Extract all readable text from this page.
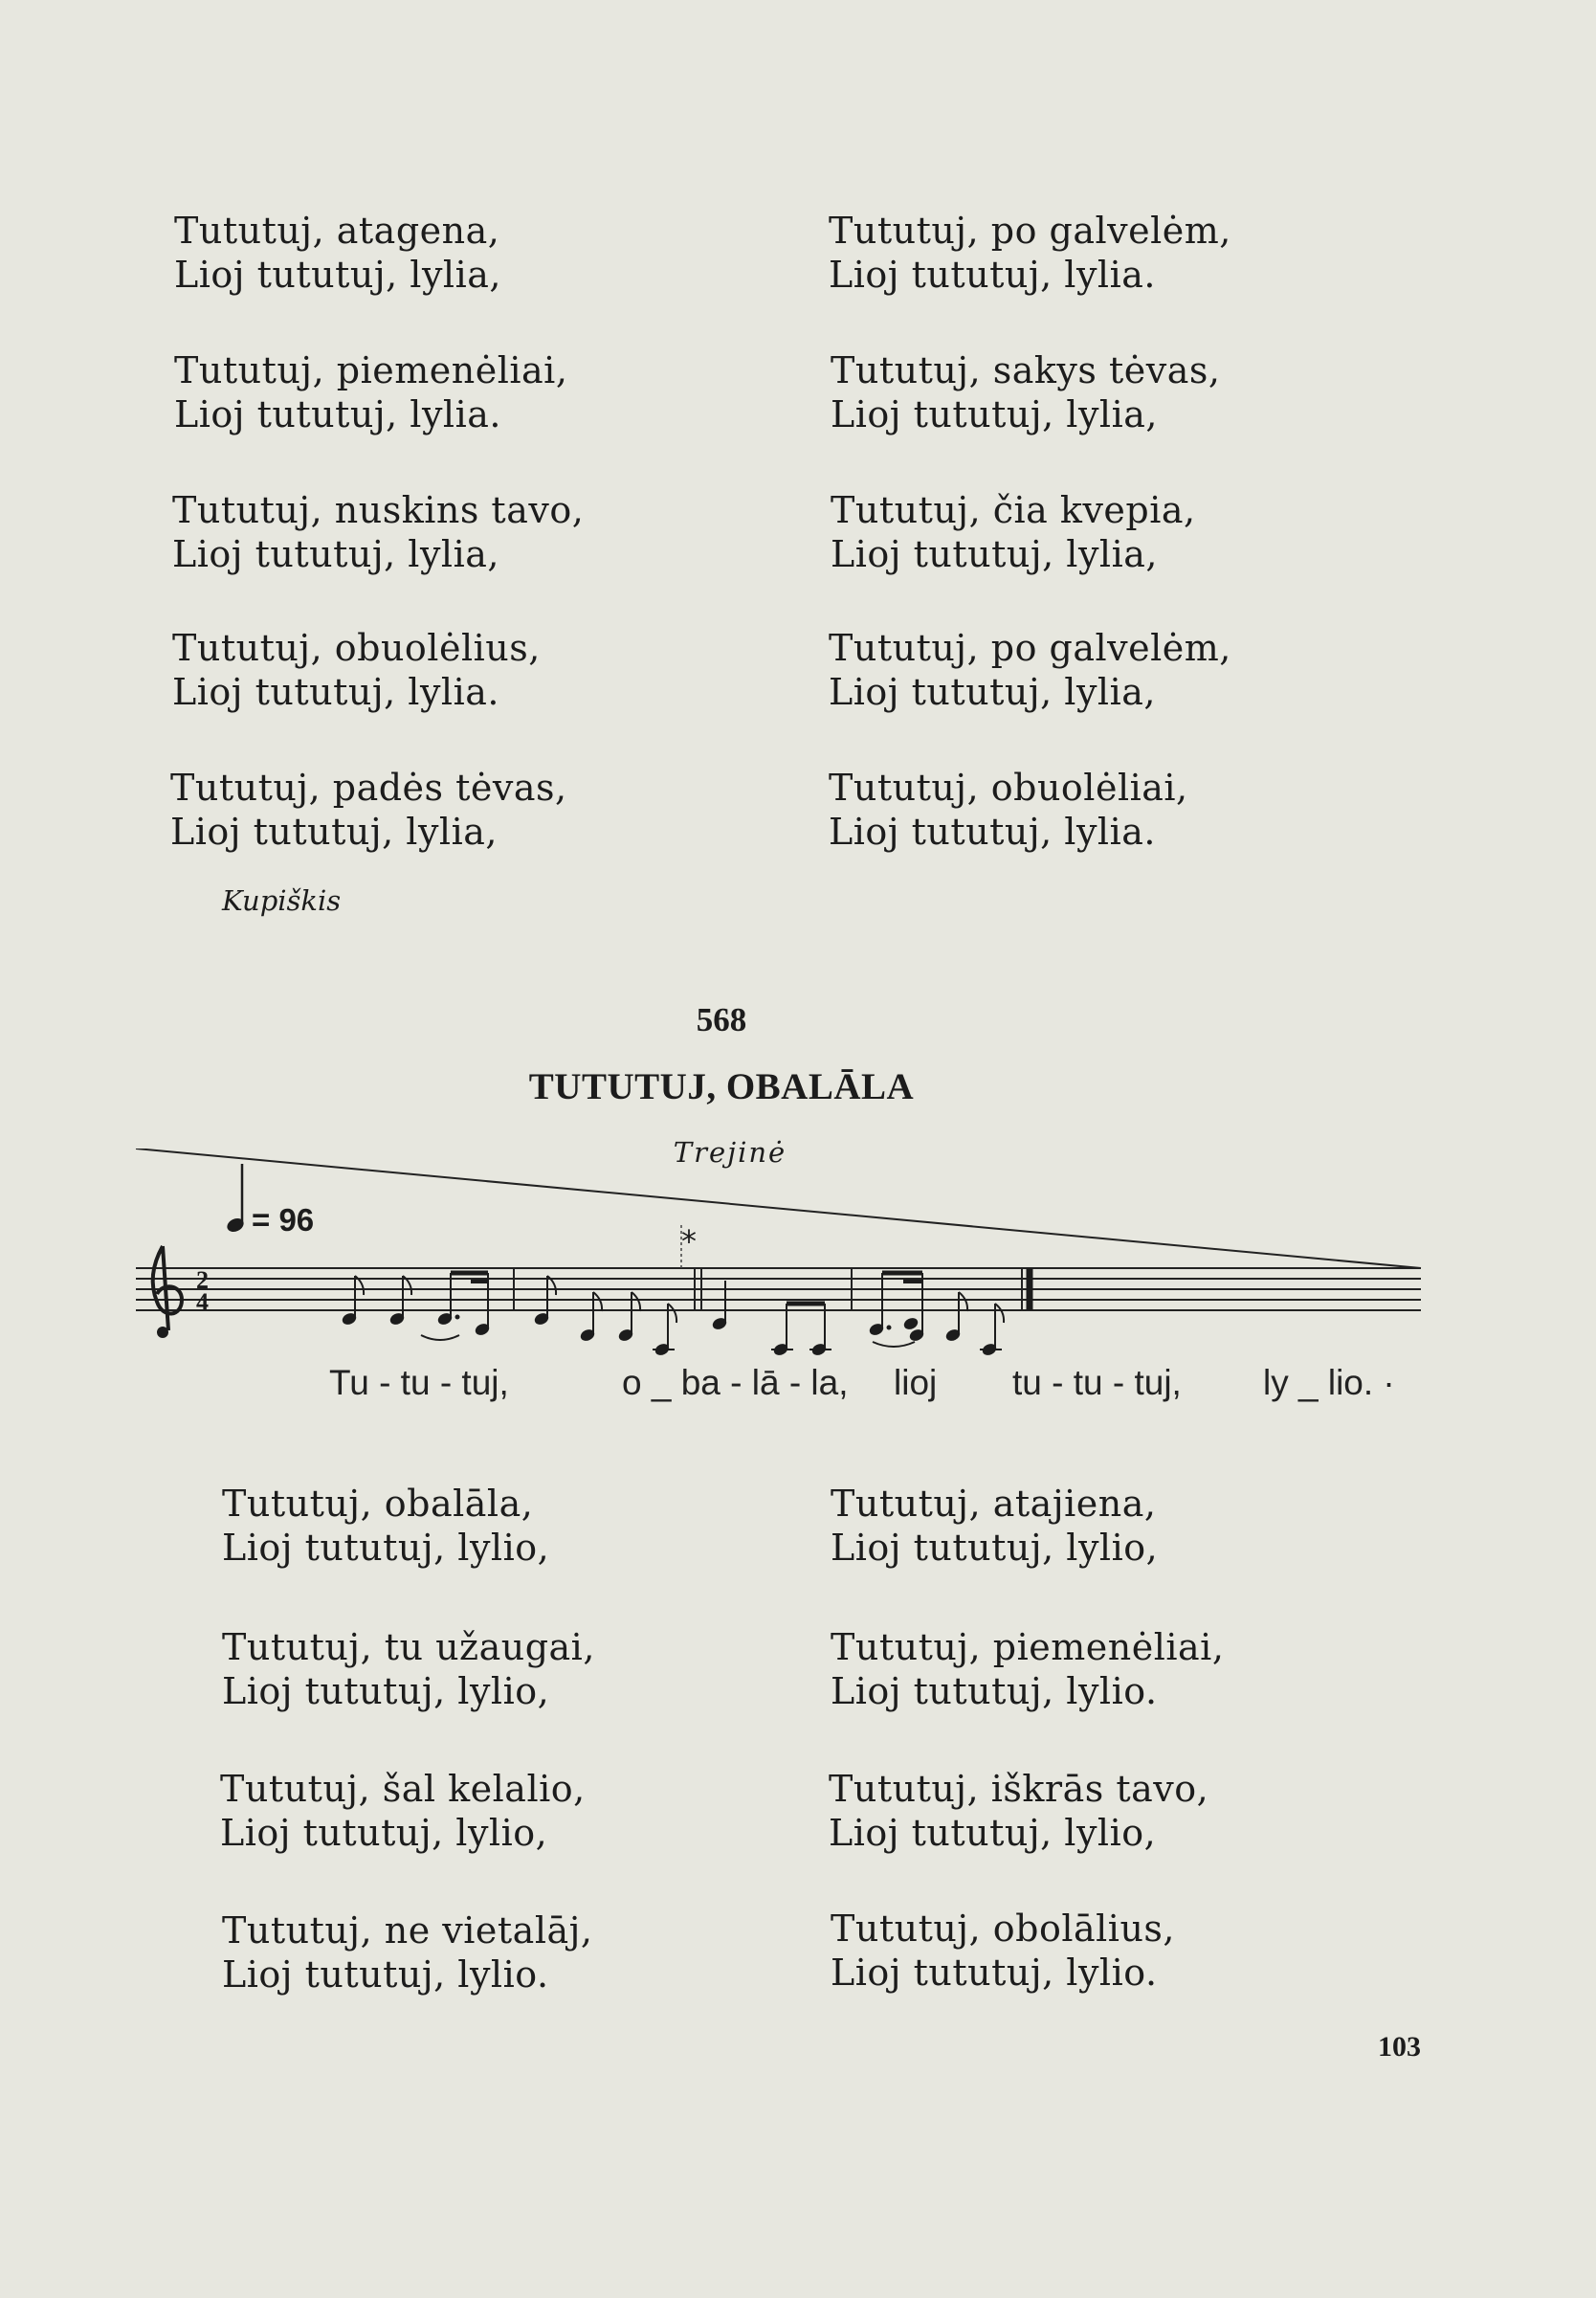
Tututuj, atagena,
Lioj tututuj, lylia,
Tututuj, piemenėliai,
Lioj tututuj, lylia.
Tututuj, nuskins tavo,
Lioj tututuj, lylia,
Tututuj, obuolėlius,
Lioj tututuj, lylia.
Tututuj, padės tėvas,
Lioj tututuj, lylia,
Tututuj, po galvelėm,
Lioj tututuj, lylia.
Tututuj, sakys tėvas,
Lioj tututuj, lylia,
Tututuj, čia kvepia,
Lioj tututuj, lylia,
Tututuj, po galvelėm,
Lioj tututuj, lylia,
Tututuj, obuolėliai,
Lioj tututuj, lylia.
Kupiškis
568
TUTUTUJ, OBALĀLA
Trejinė
= 96
2
4
*
Tu - tu - tuj,	o _ ba - lā - la, lioj tu - tu - tuj, ly _ lio. ·
Tututuj, obalāla,
Lioj tututuj, lylio,
Tututuj, tu užaugai,
Lioj tututuj, lylio,
Tututuj, šal kelalio,
Lioj tututuj, lylio,
Tututuj, ne vietalāj,
Lioj tututuj, lylio.
Tututuj, atajiena,
Lioj tututuj, lylio,
Tututuj, piemenėliai,
Lioj tututuj, lylio.
Tututuj, iškrās tavo,
Lioj tututuj, lylio,
Tututuj, obolālius,
Lioj tututuj, lylio.
103
